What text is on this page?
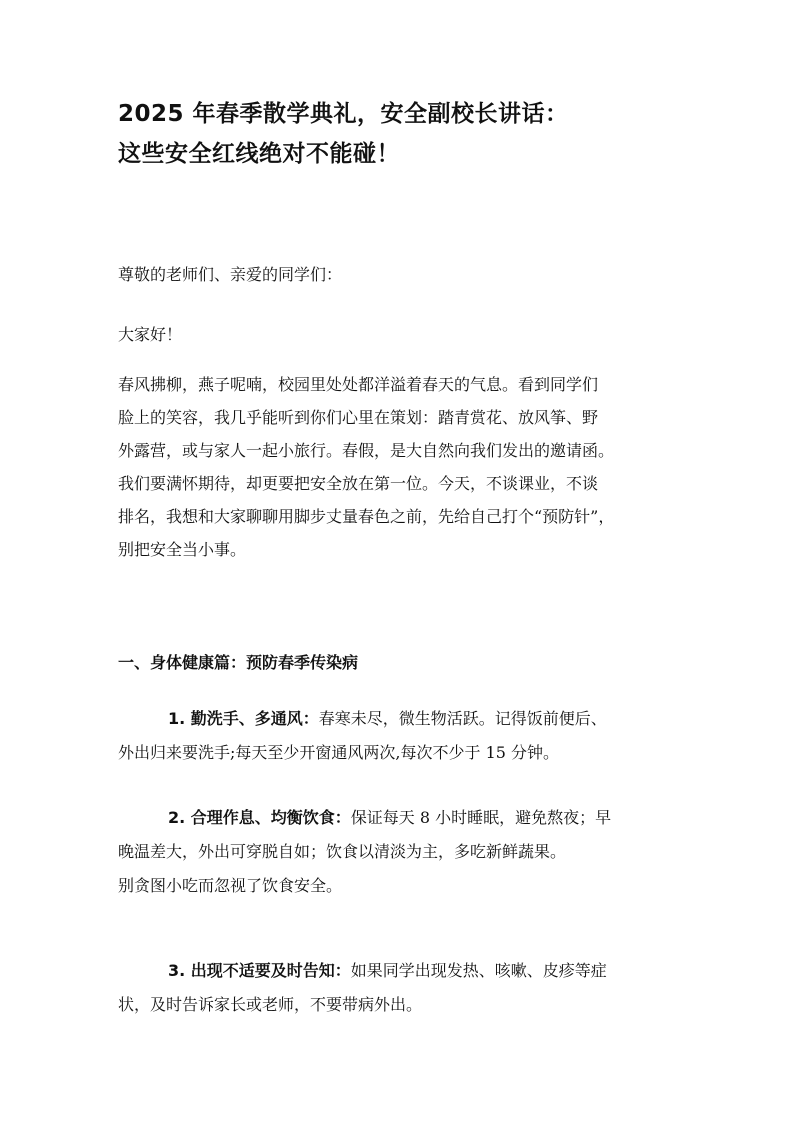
2025 年春季散学典礼，安全副校长讲话：
这些安全红线绝对不能碰！

尊敬的老师们、亲爱的同学们：

大家好！

春风拂柳，燕子呢喃，校园里处处都洋溢着春天的气息。看到同学们
脸上的笑容，我几乎能听到你们心里在策划：踏青赏花、放风筝、野
外露营，或与家人一起小旅行。春假，是大自然向我们发出的邀请函。
我们要满怀期待，却更要把安全放在第一位。今天，不谈课业，不谈
排名，我想和大家聊聊用脚步丈量春色之前，先给自己打个“预防针”，
别把安全当小事。

一、身体健康篇：预防春季传染病

1. 勤洗手、多通风：春寒未尽，微生物活跃。记得饭前便后、
外出归来要洗手;每天至少开窗通风两次,每次不少于 15 分钟。

2. 合理作息、均衡饮食：保证每天 8 小时睡眠，避免熬夜；早
晚温差大，外出可穿脱自如；饮食以清淡为主，多吃新鲜蔬果。
别贪图小吃而忽视了饮食安全。

3. 出现不适要及时告知：如果同学出现发热、咳嗽、皮疹等症
状，及时告诉家长或老师，不要带病外出。
